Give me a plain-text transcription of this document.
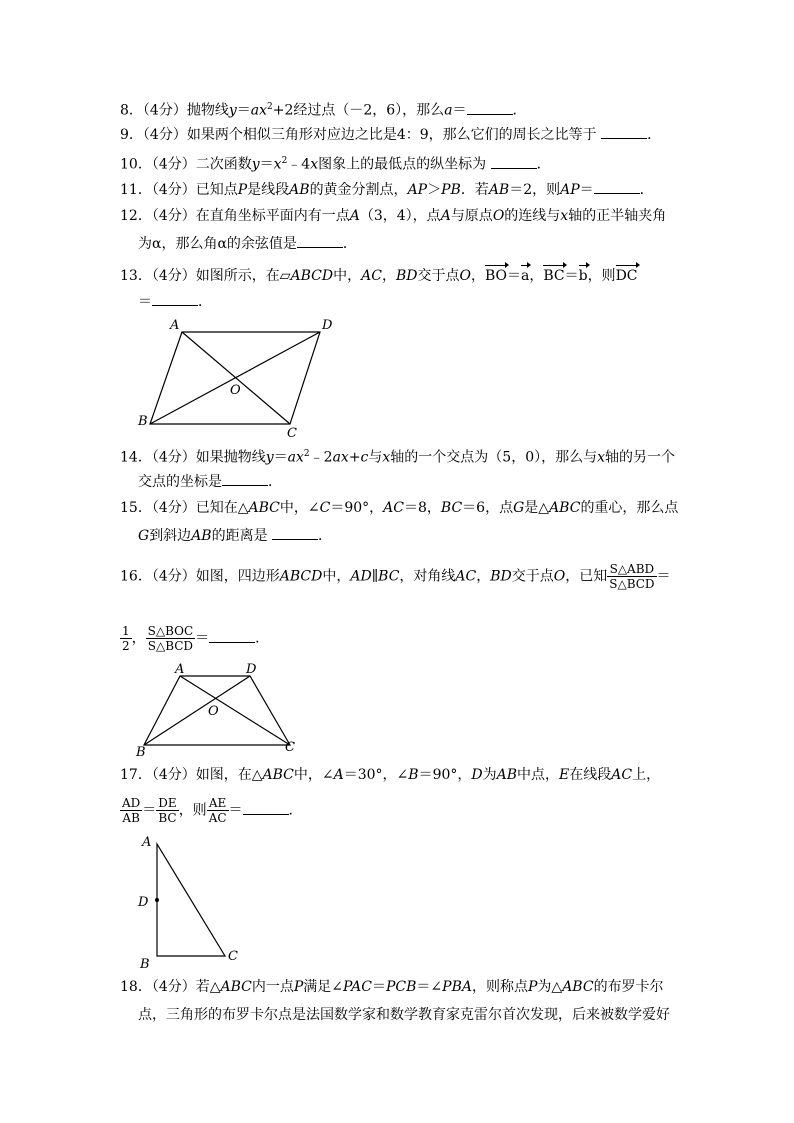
8．（4分）抛物线$y=ax^2+2$经过点（－2，6），那么a＝	．
9．（4分）如果两个相似三角形对应边之比是4：9，那么它们的周长之比等于	．
10．（4分）二次函数$y=x^2﹣4x$图象上的最低点的纵坐标为	．
11．（4分）已知点P是线段AB的黄金分割点，AP＞PB．若AB＝2，则AP＝	．
12．（4分）在直角坐标平面内有一点A（3，4），点A与原点O的连线与x轴的正半轴夹角
为α，那么角α的余弦值是	．
13．（4分）如图所示，在▱ABCD中，AC，BD交于点O，BO＝a，BC＝b，则DC
＝	．
A	D
B
C
O
14．（4分）如果抛物线$y=ax^2﹣2ax+c$与x轴的一个交点为（5，0），那么与x轴的另一个
交点的坐标是	．
15．（4分）已知在△ABC中，∠C＝90°，AC＝8，BC＝6，点G是△ABC的重心，那么点
G到斜边AB的距离是	．
16．（4分）如图，四边形ABCD中，AD∥BC，对角线AC，BD交于点O，已知 $\frac{\text{S△ABD}}{\text{S△BCD}}$ ＝
$\frac{1}{2}$ ， $\frac{\text{S△BOC}}{\text{S△BCD}}$ ＝	．
A	D
B	C
O
17．（4分）如图，在△ABC中，∠A＝30°，∠B＝90°，D为AB中点，E在线段AC上，
$\frac{AD}{AB} = \frac{DE}{BC}$ ，则 $\frac{AE}{AC}$ ＝	．
A
D
B
C
18．（4分）若△ABC内一点P满足∠PAC＝PCB＝∠PBA，则称点P为△ABC的布罗卡尔
点，三角形的布罗卡尔点是法国数学家和数学教育家克雷尔首次发现，后来被数学爱好
